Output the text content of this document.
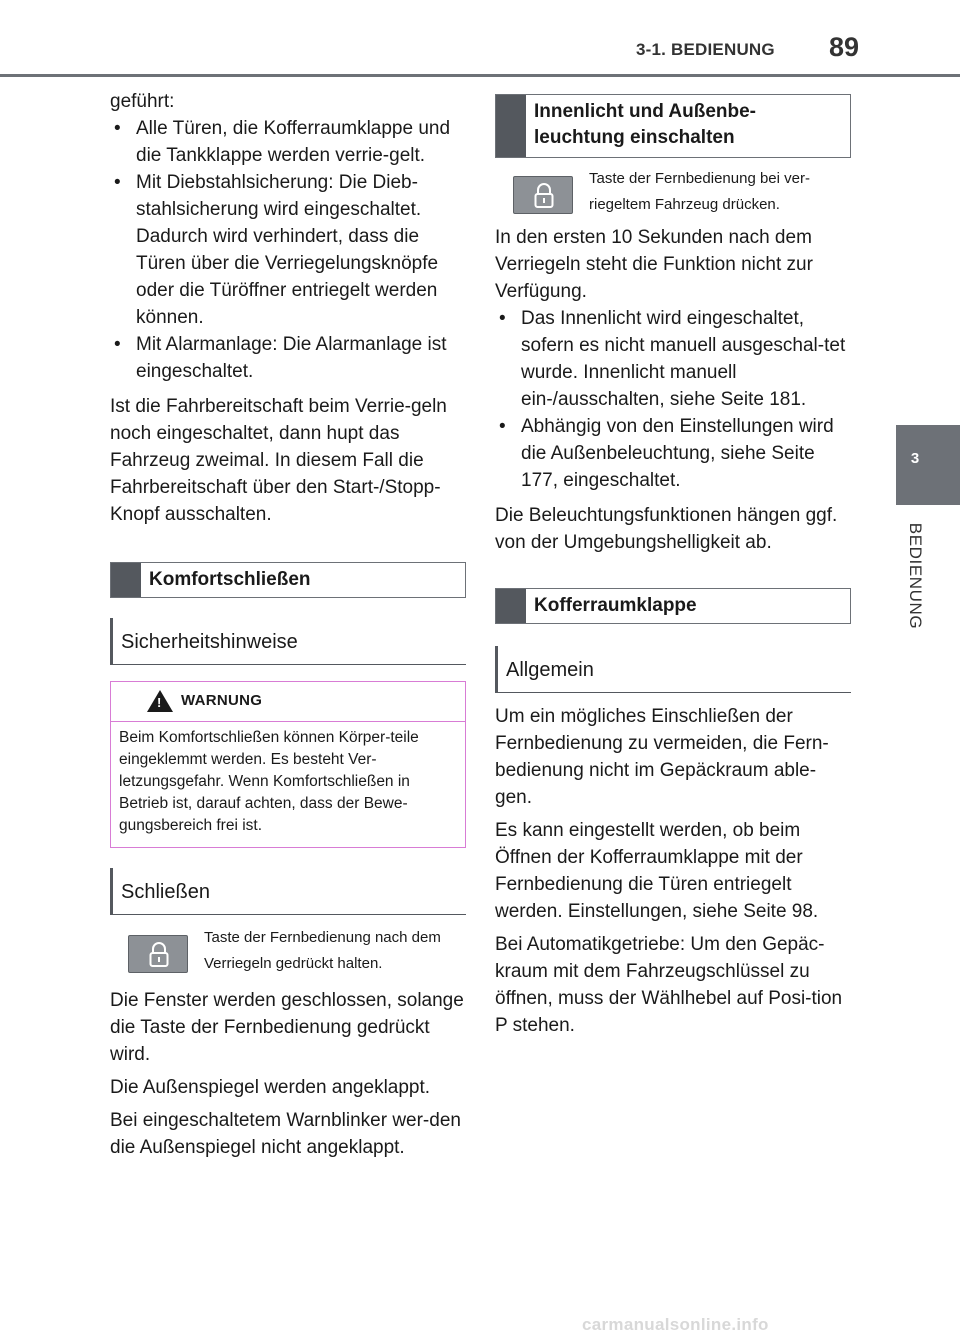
3-1. BEDIENUNG 89
3
BEDIENUNG
geführt:
• Alle Türen, die Kofferraumklappe und die Tankklappe werden verrie-gelt.
• Mit Diebstahlsicherung: Die Dieb-stahlsicherung wird eingeschaltet. Dadurch wird verhindert, dass die Türen über die Verriegelungsknöpfe oder die Türöffner entriegelt werden können.
• Mit Alarmanlage: Die Alarmanlage ist eingeschaltet.
Ist die Fahrbereitschaft beim Verrie-geln noch eingeschaltet, dann hupt das Fahrzeug zweimal. In diesem Fall die Fahrbereitschaft über den Start-/Stopp-Knopf ausschalten.
Komfortschließen
Sicherheitshinweise
!
WARNUNG
Beim Komfortschließen können Körper-teile eingeklemmt werden. Es besteht Ver-letzungsgefahr. Wenn Komfortschließen in Betrieb ist, darauf achten, dass der Bewe-gungsbereich frei ist.
Schließen
Taste der Fernbedienung nach dem Verriegeln gedrückt halten.
Die Fenster werden geschlossen, solange die Taste der Fernbedienung gedrückt wird.
Die Außenspiegel werden angeklappt.
Bei eingeschaltetem Warnblinker wer-den die Außenspiegel nicht angeklappt.
Innenlicht und Außenbe-leuchtung einschalten
Taste der Fernbedienung bei ver-riegeltem Fahrzeug drücken.
In den ersten 10 Sekunden nach dem Verriegeln steht die Funktion nicht zur Verfügung.
• Das Innenlicht wird eingeschaltet, sofern es nicht manuell ausgeschal-tet wurde. Innenlicht manuell ein-/ausschalten, siehe Seite 181.
• Abhängig von den Einstellungen wird die Außenbeleuchtung, siehe Seite 177, eingeschaltet.
Die Beleuchtungsfunktionen hängen ggf. von der Umgebungshelligkeit ab.
Kofferraumklappe
Allgemein
Um ein mögliches Einschließen der Fernbedienung zu vermeiden, die Fern-bedienung nicht im Gepäckraum able-gen.
Es kann eingestellt werden, ob beim Öffnen der Kofferraumklappe mit der Fernbedienung die Türen entriegelt werden. Einstellungen, siehe Seite 98.
Bei Automatikgetriebe: Um den Gepäc-kraum mit dem Fahrzeugschlüssel zu öffnen, muss der Wählhebel auf Posi-tion P stehen.
carmanualsonline.info
